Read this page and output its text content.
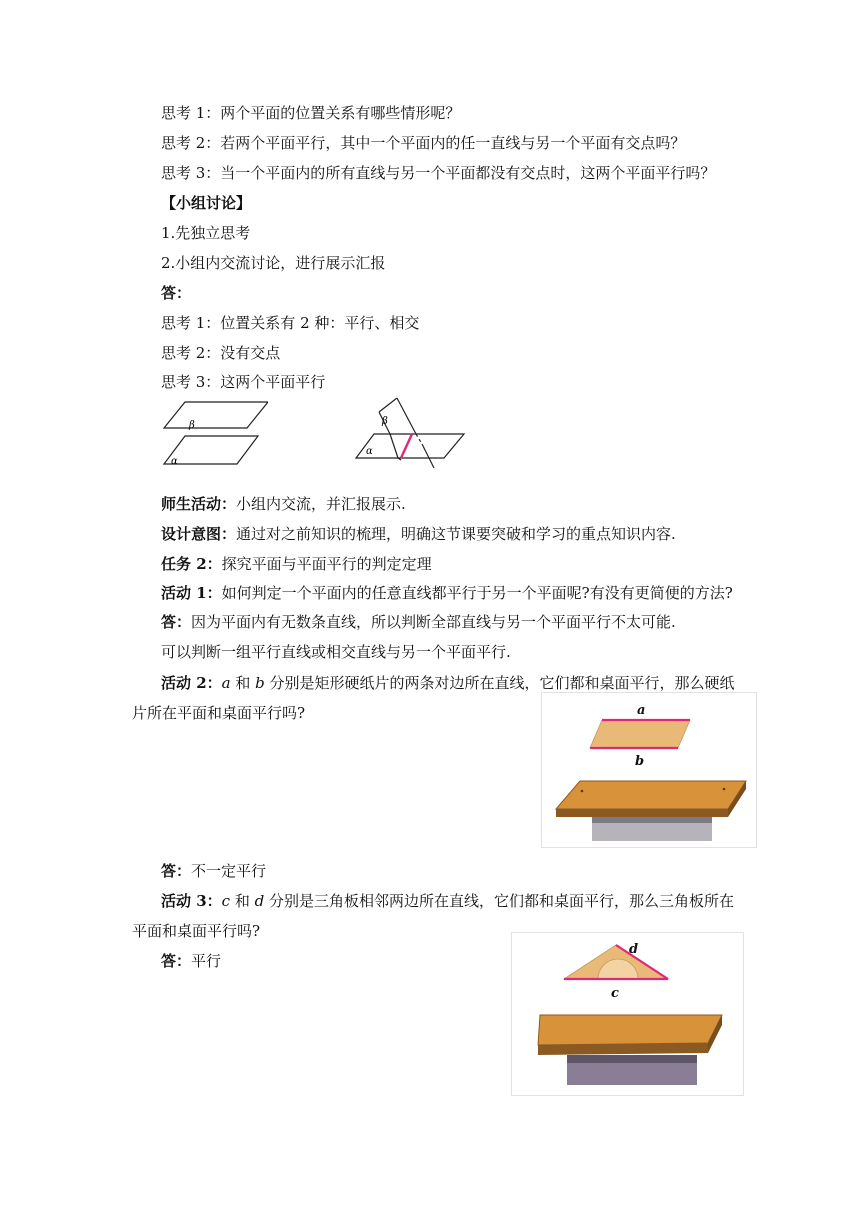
思考 1：两个平面的位置关系有哪些情形呢？
思考 2：若两个平面平行，其中一个平面内的任一直线与另一个平面有交点吗？
思考 3：当一个平面内的所有直线与另一个平面都没有交点时，这两个平面平行吗？
【小组讨论】
1.先独立思考
2.小组内交流讨论，进行展示汇报
答：
思考 1：位置关系有 2 种：平行、相交
思考 2：没有交点
思考 3：这两个平面平行
β
α
β
α
师生活动：小组内交流，并汇报展示.
设计意图：通过对之前知识的梳理，明确这节课要突破和学习的重点知识内容.
任务 2：探究平面与平面平行的判定定理
活动 1：如何判定一个平面内的任意直线都平行于另一个平面呢?有没有更简便的方法?
答：因为平面内有无数条直线，所以判断全部直线与另一个平面平行不太可能.
可以判断一组平行直线或相交直线与另一个平面平行.
活动 2：a 和 b 分别是矩形硬纸片的两条对边所在直线，它们都和桌面平行，那么硬纸
片所在平面和桌面平行吗?	a
b
答：不一定平行
活动 3：c 和 d 分别是三角板相邻两边所在直线，它们都和桌面平行，那么三角板所在
平面和桌面平行吗?
答：平行
d
c
